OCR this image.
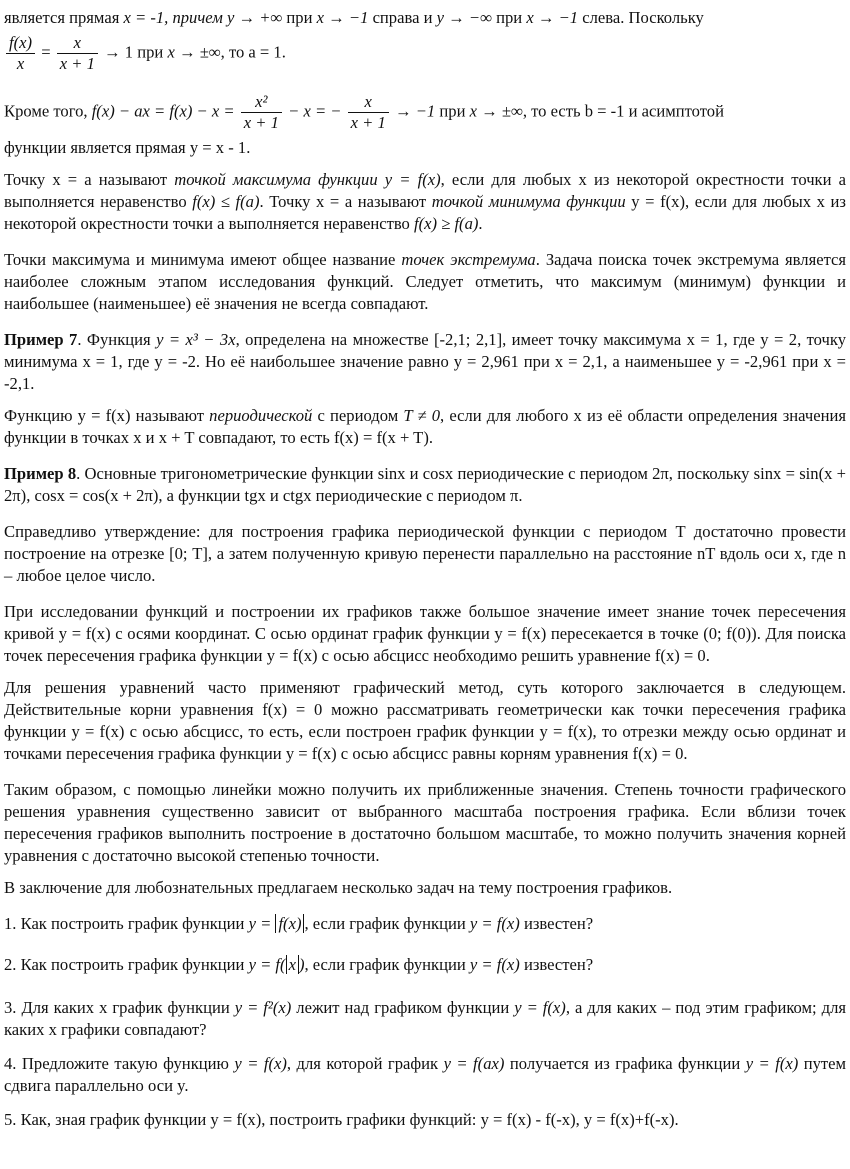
является прямая x = -1, причем y → +∞ при x → −1 справа и y → −∞ при x → −1 слева. Поскольку

$\frac{f(x)}{x} = \frac{x}{x + 1} \to 1$ при x → ±∞, то a = 1.

Кроме того, f(x) − ax = $f(x) - x = \frac{\text{x²}}{x + 1} - x$ = − $\frac{x}{x + 1} \to -1$ при x → ±∞, то есть b = -1 и асимптотой

функции является прямая y = x - 1.

Точку x = a называют точкой максимума функции y = f(x), если для любых x из некоторой окрестности точки a выполняется неравенство f(x) ≤ f(a). Точку x = a называют точкой минимума функции y = f(x), если для любых x из некоторой окрестности точки a выполняется неравенство f(x) ≥ f(a).

Точки максимума и минимума имеют общее название точек экстремума. Задача поиска точек экстремума является наиболее сложным этапом исследования функций. Следует отметить, что максимум (минимум) функции и наибольшее (наименьшее) её значения не всегда совпадают.

Пример 7. Функция y = x³ − 3x, определена на множестве [-2,1; 2,1], имеет точку максимума x = 1, где y = 2, точку минимума x = 1, где y = -2. Но её наибольшее значение равно y = 2,961 при x = 2,1, а наименьшее y = -2,961 при x = -2,1.

Функцию y = f(x) называют периодической с периодом T ≠ 0, если для любого x из её области определения значения функции в точках x и x + T совпадают, то есть f(x) = f(x + T).

Пример 8. Основные тригонометрические функции sinx и cosx периодические с периодом 2π, поскольку sinx = sin(x + 2π), cosx = cos(x + 2π), а функции tgx и ctgx периодические с периодом π.

Справедливо утверждение: для построения графика периодической функции с периодом T достаточно провести построение на отрезке [0; T], а затем полученную кривую перенести параллельно на расстояние nT вдоль оси x, где n – любое целое число.

При исследовании функций и построении их графиков также большое значение имеет знание точек пересечения кривой y = f(x) с осями координат. С осью ординат график функции y = f(x) пересекается в точке (0; f(0)). Для поиска точек пересечения графика функции y = f(x) с осью абсцисс необходимо решить уравнение f(x) = 0.

Для решения уравнений часто применяют графический метод, суть которого заключается в следующем. Действительные корни уравнения f(x) = 0 можно рассматривать геометрически как точки пересечения графика функции y = f(x) с осью абсцисс, то есть, если построен график функции y = f(x), то отрезки между осью ординат и точками пересечения графика функции y = f(x) с осью абсцисс равны корням уравнения f(x) = 0.

Таким образом, с помощью линейки можно получить их приближенные значения. Степень точности графического решения уравнения существенно зависит от выбранного масштаба построения графика. Если вблизи точек пересечения графиков выполнить построение в достаточно большом масштабе, то можно получить значения корней уравнения с достаточно высокой степенью точности.

В заключение для любознательных предлагаем несколько задач на тему построения графиков.

1. Как построить график функции y = f(x) , если график функции y = f(x) известен?

2. Как построить график функции y = f( x ), если график функции y = f(x) известен?

3. Для каких x график функции y = f²(x) лежит над графиком функции y = f(x), а для каких – под этим графиком; для каких x графики совпадают?

4. Предложите такую функцию y = f(x), для которой график y = f(ax) получается из графика функции y = f(x) путем сдвига параллельно оси y.

5. Как, зная график функции y = f(x), построить графики функций: y = f(x) - f(-x), y = f(x)+f(-x).
